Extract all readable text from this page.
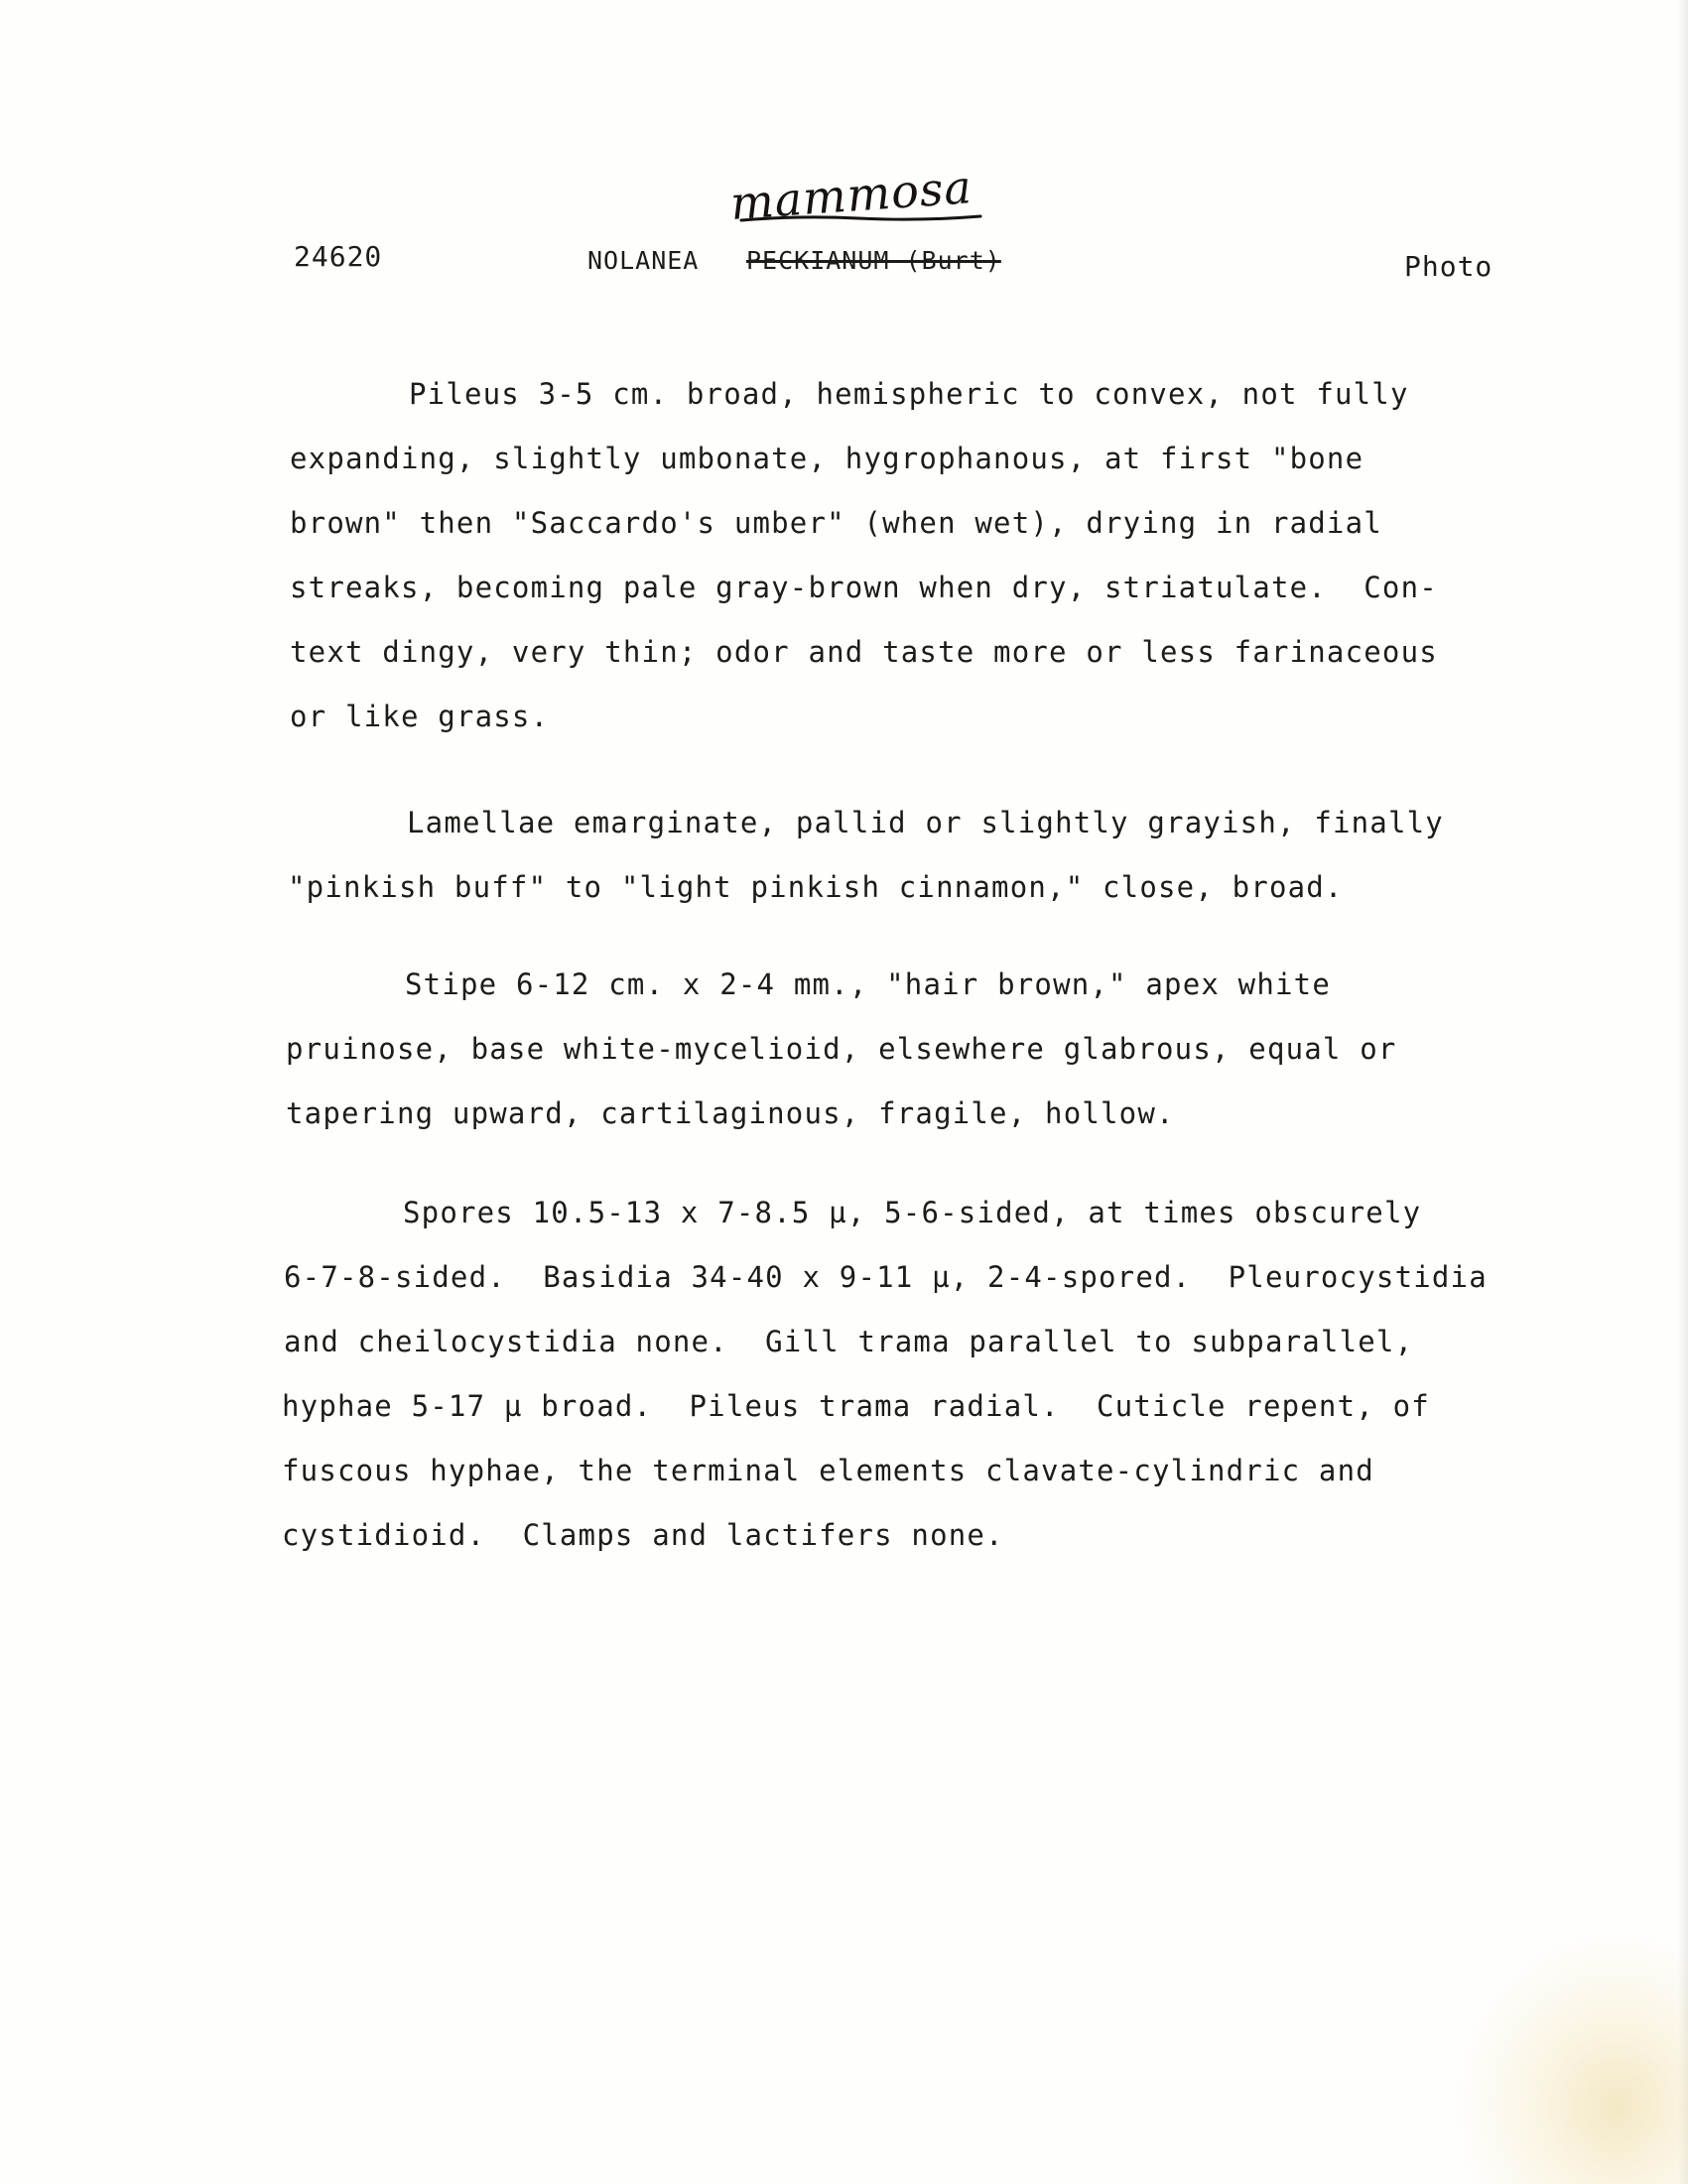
24620	NOLANEA PECKIANUM (Burt)
mammosa
Photo
Pileus 3-5 cm. broad, hemispheric to convex, not fully
expanding, slightly umbonate, hygrophanous, at first "bone
brown" then "Saccardo's umber" (when wet), drying in radial
streaks, becoming pale gray-brown when dry, striatulate.  Con-
text dingy, very thin; odor and taste more or less farinaceous
or like grass.
Lamellae emarginate, pallid or slightly grayish, finally
"pinkish buff" to "light pinkish cinnamon," close, broad.
Stipe 6-12 cm. x 2-4 mm., "hair brown," apex white
pruinose, base white-mycelioid, elsewhere glabrous, equal or
tapering upward, cartilaginous, fragile, hollow.
Spores 10.5-13 x 7-8.5 µ, 5-6-sided, at times obscurely
6-7-8-sided.  Basidia 34-40 x 9-11 µ, 2-4-spored.  Pleurocystidia
and cheilocystidia none.  Gill trama parallel to subparallel,
hyphae 5-17 µ broad.  Pileus trama radial.  Cuticle repent, of
fuscous hyphae, the terminal elements clavate-cylindric and
cystidioid.  Clamps and lactifers none.
